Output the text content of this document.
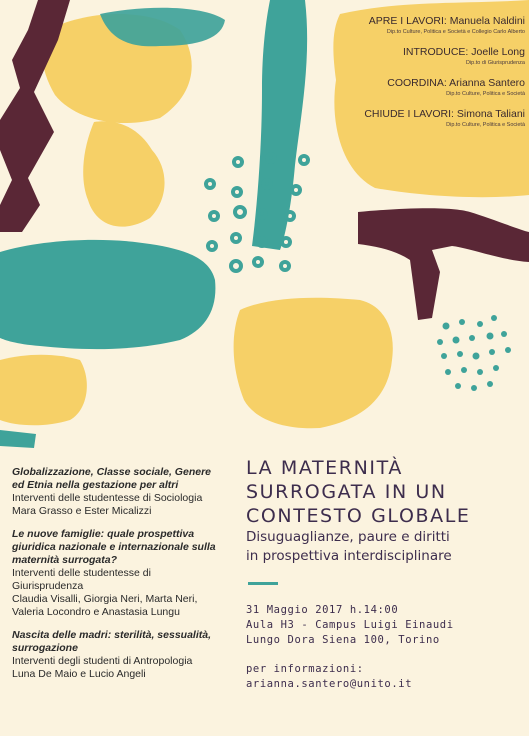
APRE I LAVORI: Manuela Naldini
Dip.to Culture, Politica e Società e Collegio Carlo Alberto
INTRODUCE: Joelle Long
Dip.to di Giurisprudenza
COORDINA: Arianna Santero
Dip.to Culture, Politica e Società
CHIUDE I LAVORI: Simona Taliani
Dip.to Culture, Politica e Società
Globalizzazione, Classe sociale, Genere
ed Etnia nella gestazione per altri
Interventi delle studentesse di Sociologia
Mara Grasso e Ester Micalizzi
Le nuove famiglie: quale prospettiva
giuridica nazionale e internazionale sulla
maternità surrogata?
Interventi delle studentesse di
Giurisprudenza
Claudia Visalli, Giorgia Neri, Marta Neri,
Valeria Locondro e Anastasia Lungu
Nascita delle madri: sterilità, sessualità,
surrogazione
Interventi degli studenti di Antropologia
Luna De Maio e Lucio Angeli
LA MATERNITÀ
SURROGATA IN UN
CONTESTO GLOBALE
Disuguaglianze, paure e diritti
in prospettiva interdisciplinare
31 Maggio 2017 h.14:00
Aula H3 - Campus Luigi Einaudi
Lungo Dora Siena 100, Torino
per informazioni:
arianna.santero@unito.it
